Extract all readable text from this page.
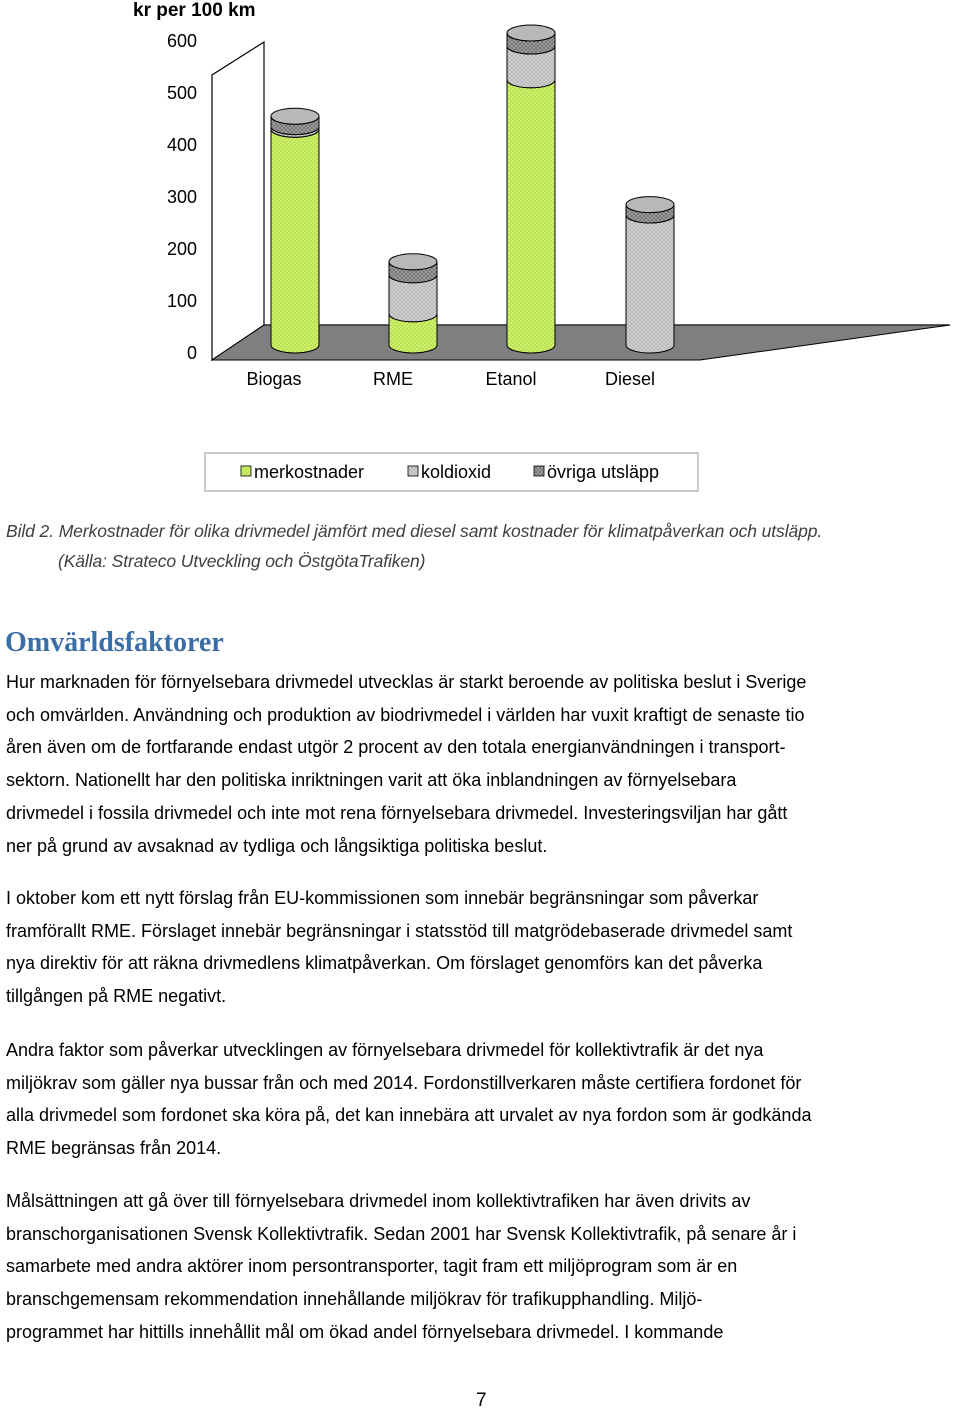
kr per 100 km
0
100
200
300
400
500
600
Biogas	RME	Etanol	Diesel
merkostnader	koldioxid	övriga utsläpp
Bild 2. Merkostnader för olika drivmedel jämfört med diesel samt kostnader för klimatpåverkan och utsläpp.
(Källa: Strateco Utveckling och ÖstgötaTrafiken)
Omvärldsfaktorer
Hur marknaden för förnyelsebara drivmedel utvecklas är starkt beroende av politiska beslut i Sverige
och omvärlden. Användning och produktion av biodrivmedel i världen har vuxit kraftigt de senaste tio
åren även om de fortfarande endast utgör 2 procent av den totala energianvändningen i transport-
sektorn. Nationellt har den politiska inriktningen varit att öka inblandningen av förnyelsebara
drivmedel i fossila drivmedel och inte mot rena förnyelsebara drivmedel. Investeringsviljan har gått
ner på grund av avsaknad av tydliga och långsiktiga politiska beslut.
I oktober kom ett nytt förslag från EU-kommissionen som innebär begränsningar som påverkar
framförallt RME. Förslaget innebär begränsningar i statsstöd till matgrödebaserade drivmedel samt
nya direktiv för att räkna drivmedlens klimatpåverkan. Om förslaget genomförs kan det påverka
tillgången på RME negativt.
Andra faktor som påverkar utvecklingen av förnyelsebara drivmedel för kollektivtrafik är det nya
miljökrav som gäller nya bussar från och med 2014. Fordonstillverkaren måste certifiera fordonet för
alla drivmedel som fordonet ska köra på, det kan innebära att urvalet av nya fordon som är godkända
RME begränsas från 2014.
Målsättningen att gå över till förnyelsebara drivmedel inom kollektivtrafiken har även drivits av
branschorganisationen Svensk Kollektivtrafik. Sedan 2001 har Svensk Kollektivtrafik, på senare år i
samarbete med andra aktörer inom persontransporter, tagit fram ett miljöprogram som är en
branschgemensam rekommendation innehållande miljökrav för trafikupphandling. Miljö-
programmet har hittills innehållit mål om ökad andel förnyelsebara drivmedel. I kommande
7
